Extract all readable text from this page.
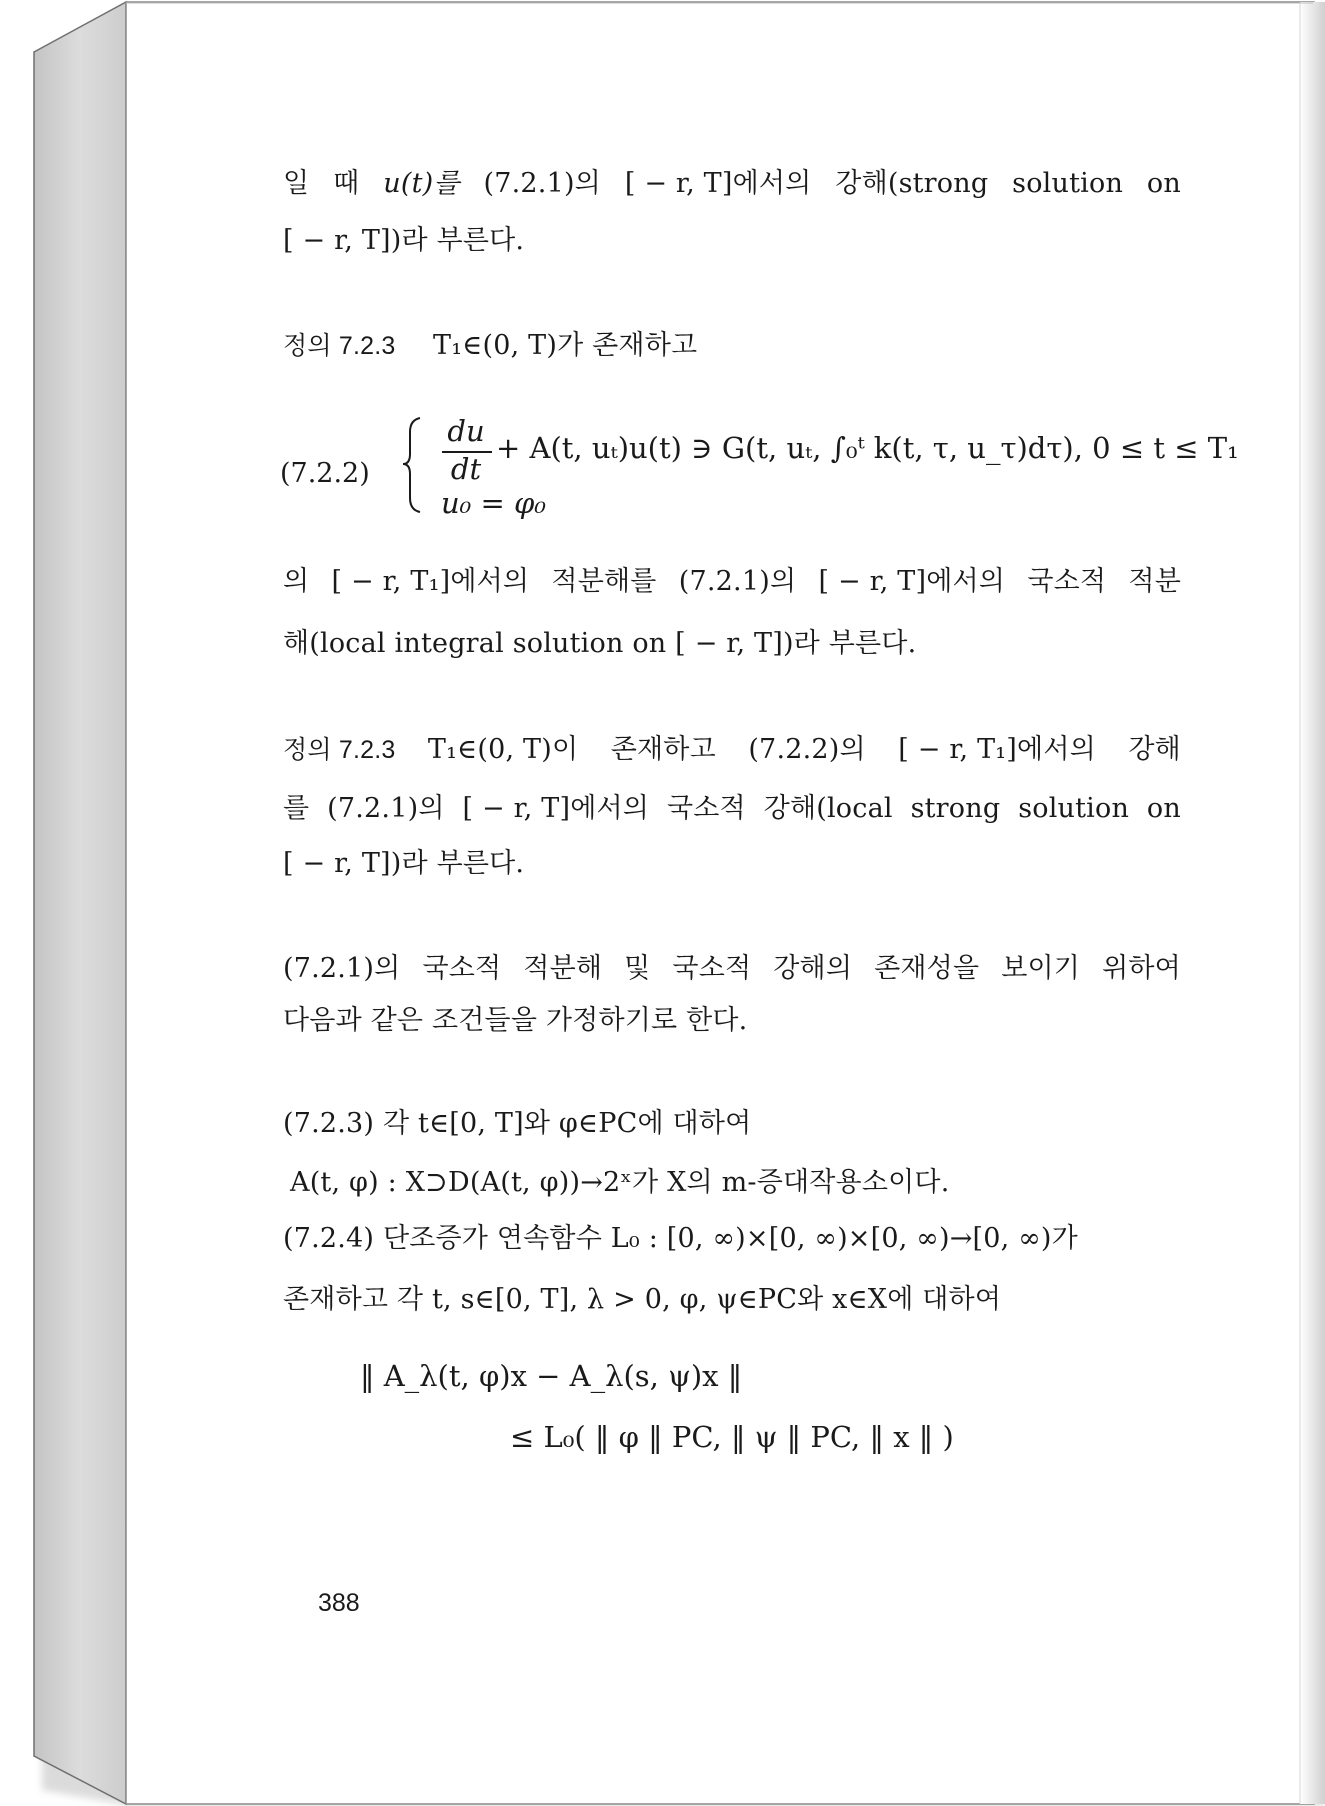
일 때 u(t)를 (7.2.1)의 [ − r, T]에서의 강해(strong solution on
[ − r, T])라 부른다.
정의 7.2.3 T₁∈(0, T)가 존재하고
(7.2.2)
du
dt
+ A(t, uₜ)u(t) ∋ G(t, uₜ, ∫₀ᵗ k(t, τ, u_τ)dτ), 0 ≤ t ≤ T₁
u₀ = φ₀
의 [ − r, T₁]에서의 적분해를 (7.2.1)의 [ − r, T]에서의 국소적 적분
해(local integral solution on [ − r, T])라 부른다.
정의 7.2.3 T₁∈(0, T)이 존재하고 (7.2.2)의 [ − r, T₁]에서의 강해
를 (7.2.1)의 [ − r, T]에서의 국소적 강해(local strong solution on
[ − r, T])라 부른다.
(7.2.1)의 국소적 적분해 및 국소적 강해의 존재성을 보이기 위하여
다음과 같은 조건들을 가정하기로 한다.
(7.2.3) 각 t∈[0, T]와 φ∈PC에 대하여
A(t, φ) : X⊃D(A(t, φ))→2ˣ가 X의 m-증대작용소이다.
(7.2.4) 단조증가 연속함수 L₀ : [0, ∞)×[0, ∞)×[0, ∞)→[0, ∞)가
존재하고 각 t, s∈[0, T], λ > 0, φ, ψ∈PC와 x∈X에 대하여
‖ A_λ(t, φ)x − A_λ(s, ψ)x ‖
≤ L₀( ‖ φ ‖ PC, ‖ ψ ‖ PC, ‖ x ‖ )
388
